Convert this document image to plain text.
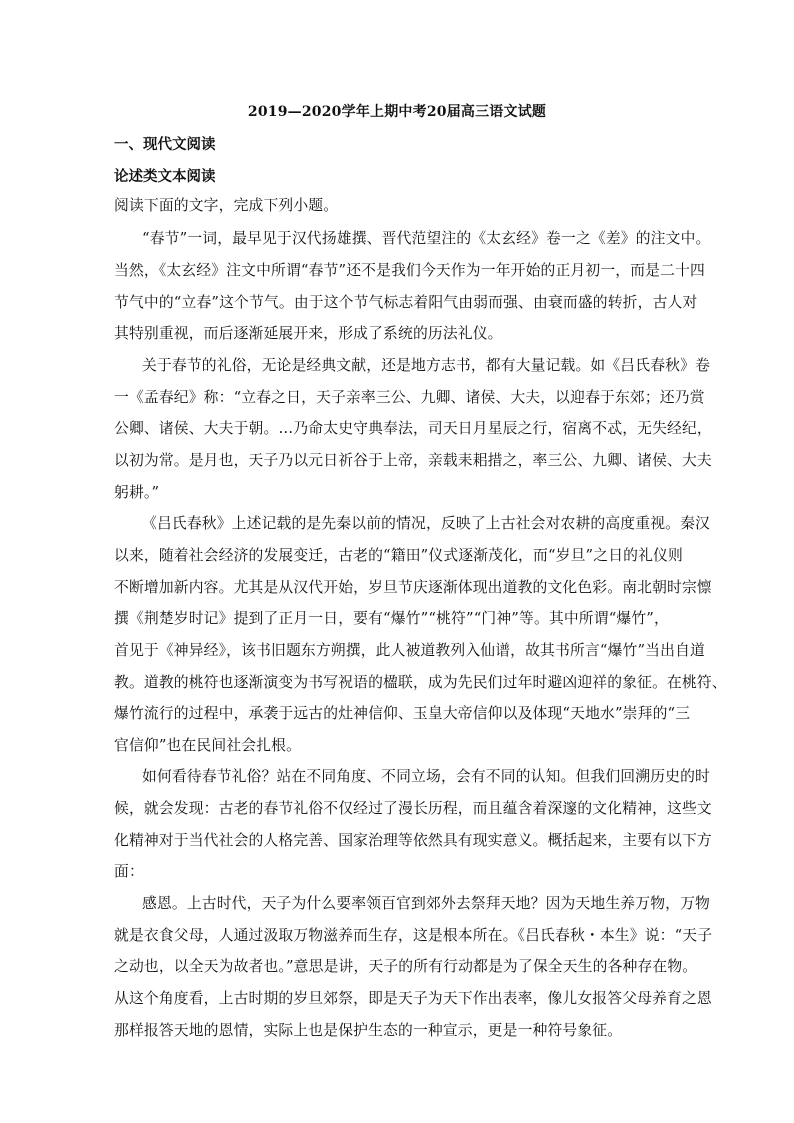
2019—2020学年上期中考20届高三语文试题
一、现代文阅读
论述类文本阅读
阅读下面的文字，完成下列小题。
“春节”一词，最早见于汉代扬雄撰、晋代范望注的《太玄经》卷一之《差》的注文中。
当然，《太玄经》注文中所谓“春节”还不是我们今天作为一年开始的正月初一，而是二十四
节气中的“立春”这个节气。由于这个节气标志着阳气由弱而强、由衰而盛的转折，古人对
其特别重视，而后逐渐延展开来，形成了系统的历法礼仪。
关于春节的礼俗，无论是经典文献，还是地方志书，都有大量记载。如《吕氏春秋》卷
一《孟春纪》称：“立春之日，天子亲率三公、九卿、诸侯、大夫，以迎春于东郊；还乃赏
公卿、诸侯、大夫于朝。…乃命太史守典奉法，司天日月星辰之行，宿离不忒，无失经纪，
以初为常。是月也，天子乃以元日祈谷于上帝，亲载耒耜措之，率三公、九卿、诸侯、大夫
躬耕。”
《吕氏春秋》上述记载的是先秦以前的情况，反映了上古社会对农耕的高度重视。秦汉
以来，随着社会经济的发展变迁，古老的“籍田”仪式逐渐茂化，而“岁旦”之日的礼仪则
不断增加新内容。尤其是从汉代开始，岁旦节庆逐渐体现出道教的文化色彩。南北朝时宗懔
撰《荆楚岁时记》提到了正月一日，要有“爆竹”“桃符”“门神”等。其中所谓“爆竹”，
首见于《神异经》，该书旧题东方朔撰，此人被道教列入仙谱，故其书所言“爆竹”当出自道
教。道教的桃符也逐渐演变为书写祝语的楹联，成为先民们过年时避凶迎祥的象征。在桃符、
爆竹流行的过程中，承袭于远古的灶神信仰、玉皇大帝信仰以及体现“天地水”崇拜的“三
官信仰”也在民间社会扎根。
如何看待春节礼俗？站在不同角度、不同立场，会有不同的认知。但我们回溯历史的时
候，就会发现：古老的春节礼俗不仅经过了漫长历程，而且蕴含着深邃的文化精神，这些文
化精神对于当代社会的人格完善、国家治理等依然具有现实意义。概括起来，主要有以下方
面：
感恩。上古时代，天子为什么要率领百官到郊外去祭拜天地？因为天地生养万物，万物
就是衣食父母，人通过汲取万物滋养而生存，这是根本所在。《吕氏春秋・本生》说：“天子
之动也，以全天为故者也。”意思是讲，天子的所有行动都是为了保全天生的各种存在物。
从这个角度看，上古时期的岁旦郊祭，即是天子为天下作出表率，像儿女报答父母养育之恩
那样报答天地的恩情，实际上也是保护生态的一种宣示，更是一种符号象征。
